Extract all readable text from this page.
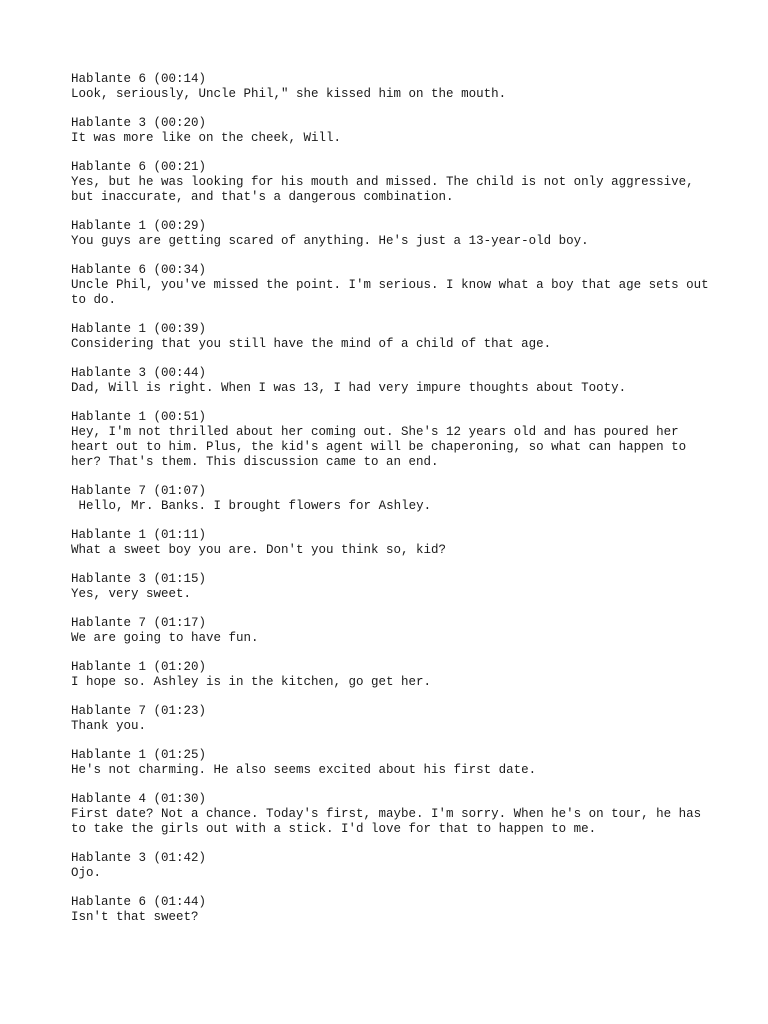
Hablante 6 (00:14)
Look, seriously, Uncle Phil," she kissed him on the mouth.
Hablante 3 (00:20)
It was more like on the cheek, Will.
Hablante 6 (00:21)
Yes, but he was looking for his mouth and missed. The child is not only aggressive, but inaccurate, and that's a dangerous combination.
Hablante 1 (00:29)
You guys are getting scared of anything. He's just a 13-year-old boy.
Hablante 6 (00:34)
Uncle Phil, you've missed the point. I'm serious. I know what a boy that age sets out to do.
Hablante 1 (00:39)
Considering that you still have the mind of a child of that age.
Hablante 3 (00:44)
Dad, Will is right. When I was 13, I had very impure thoughts about Tooty.
Hablante 1 (00:51)
Hey, I'm not thrilled about her coming out. She's 12 years old and has poured her heart out to him. Plus, the kid's agent will be chaperoning, so what can happen to her? That's them. This discussion came to an end.
Hablante 7 (01:07)
Hello, Mr. Banks. I brought flowers for Ashley.
Hablante 1 (01:11)
What a sweet boy you are. Don't you think so, kid?
Hablante 3 (01:15)
Yes, very sweet.
Hablante 7 (01:17)
We are going to have fun.
Hablante 1 (01:20)
I hope so. Ashley is in the kitchen, go get her.
Hablante 7 (01:23)
Thank you.
Hablante 1 (01:25)
He's not charming. He also seems excited about his first date.
Hablante 4 (01:30)
First date? Not a chance. Today's first, maybe. I'm sorry. When he's on tour, he has to take the girls out with a stick. I'd love for that to happen to me.
Hablante 3 (01:42)
Ojo.
Hablante 6 (01:44)
Isn't that sweet?
